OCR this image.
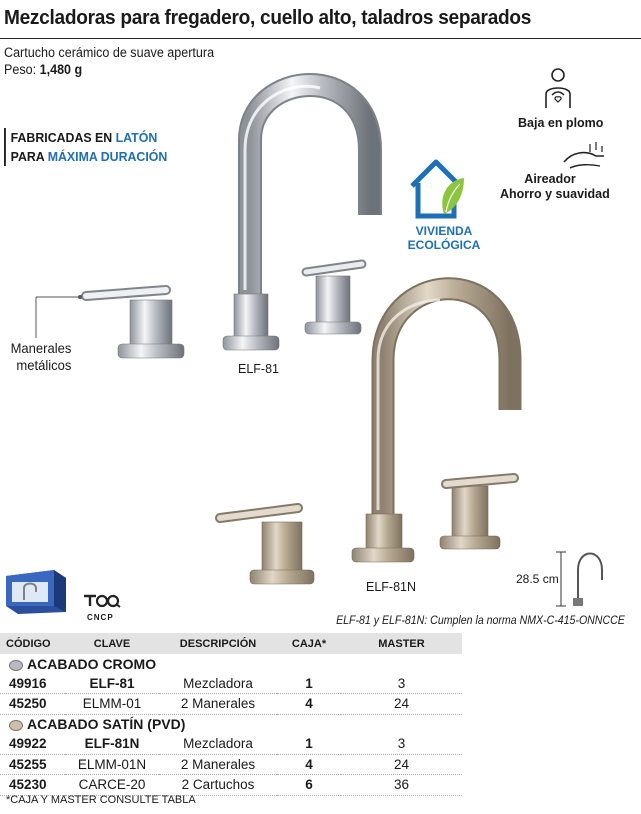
Mezcladoras para fregadero, cuello alto, taladros separados
Cartucho cerámico de suave apertura
Peso: 1,480 g
FABRICADAS EN LATÓN
PARA MÁXIMA DURACIÓN
Baja en plomo
Aireador
Ahorro y suavidad
VIVIENDA
ECOLÓGICA
Manerales
metálicos	ELF-81
ELF-81N
28.5 cm
CNCP	ELF-81 y ELF-81N: Cumplen la norma NMX-C-415-ONNCCE
CÓDIGO	CLAVE	DESCRIPCIÓN	CAJA*	MASTER
ACABADO CROMO				
49916	ELF-81	Mezcladora	1	3
45250	ELMM-01	2 Manerales	4	24
ACABADO SATÍN (PVD)				
49922	ELF-81N	Mezcladora	1	3
45255	ELMM-01N	2 Manerales	4	24
45230	CARCE-20	2 Cartuchos	6	36
*CAJA Y MASTER CONSULTE TABLA
